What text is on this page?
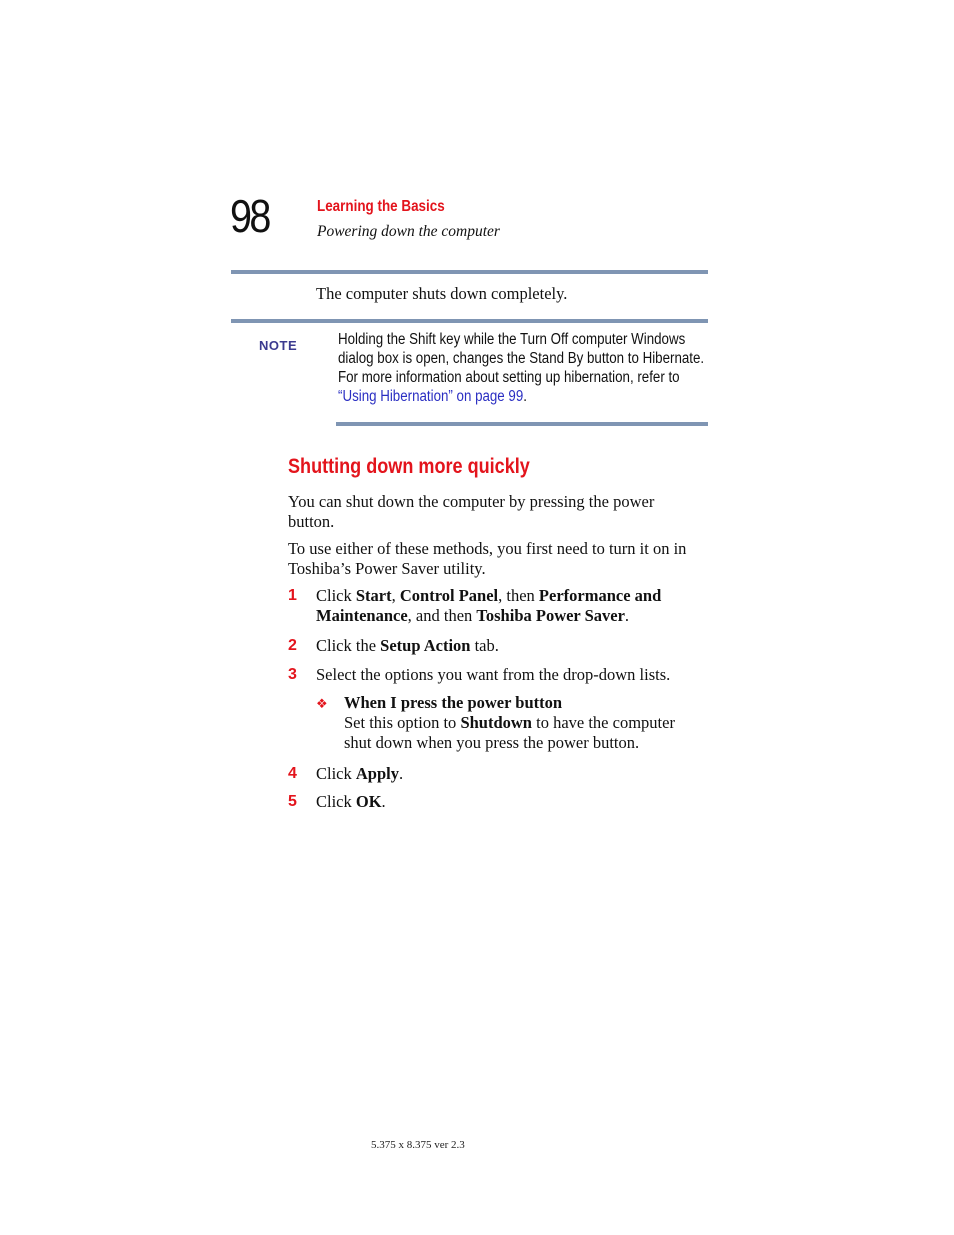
98	Learning the Basics
Powering down the computer
The computer shuts down completely.
NOTE	Holding the Shift key while the Turn Off computer Windows dialog box is open, changes the Stand By button to Hibernate. For more information about setting up hibernation, refer to “Using Hibernation” on page 99.
Shutting down more quickly
You can shut down the computer by pressing the power button.
To use either of these methods, you first need to turn it on in Toshiba’s Power Saver utility.
1	Click Start, Control Panel, then Performance and Maintenance, and then Toshiba Power Saver.
2	Click the Setup Action tab.
3	Select the options you want from the drop-down lists.
❖ When I press the power button
Set this option to Shutdown to have the computer shut down when you press the power button.
4	Click Apply.
5	Click OK.
5.375 x 8.375 ver 2.3
